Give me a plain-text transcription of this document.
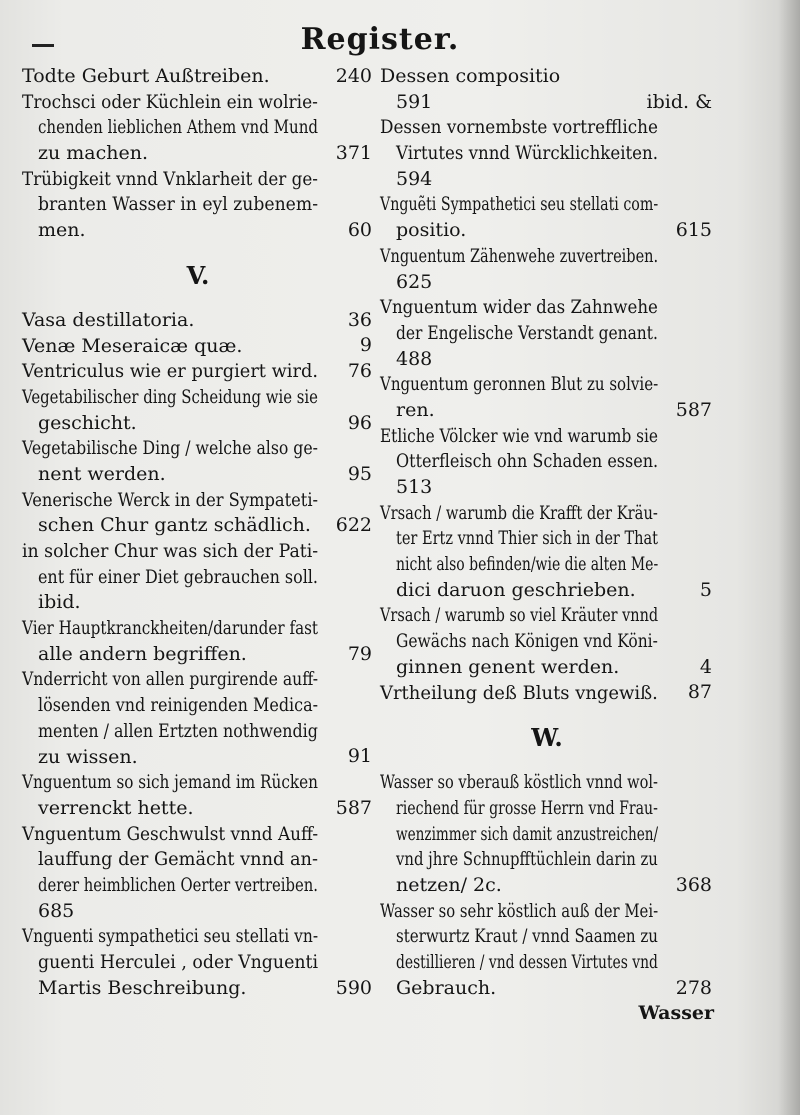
Register.
Todte Geburt Außtreiben.	240
Trochsci oder Küchlein ein wolrie-
chenden lieblichen Athem vnd Mund
zu machen.	371
Trübigkeit vnnd Vnklarheit der ge-
branten Wasser in eyl zubenem-
men.	60
V.
Vasa destillatoria.	36
Venæ Meseraicæ quæ.	9
Ventriculus wie er purgiert wird.	76
Vegetabilischer ding Scheidung wie sie
geschicht.	96
Vegetabilische Ding / welche also ge-
nent werden.	95
Venerische Werck in der Sympateti-
schen Chur gantz schädlich.	622
in solcher Chur was sich der Pati-
ent für einer Diet gebrauchen soll.
ibid.
Vier Hauptkranckheiten/darunder fast
alle andern begriffen.	79
Vnderricht von allen purgirende auff-
lösenden vnd reinigenden Medica-
menten / allen Ertzten nothwendig
zu wissen.	91
Vnguentum so sich jemand im Rücken
verrenckt hette.	587
Vnguentum Geschwulst vnnd Auff-
lauffung der Gemächt vnnd an-
derer heimblichen Oerter vertreiben.
685
Vnguenti sympathetici seu stellati vn-
guenti Herculei , oder Vnguenti
Martis Beschreibung.	590
Dessen compositio
591	ibid. &
Dessen vornembste vortreffliche
Virtutes vnnd Würcklichkeiten.
594
Vnguẽti Sympathetici seu stellati com-
positio.	615
Vnguentum Zähenwehe zuvertreiben.
625
Vnguentum wider das Zahnwehe
der Engelische Verstandt genant.
488
Vnguentum geronnen Blut zu solvie-
ren.	587
Etliche Völcker wie vnd warumb sie
Otterfleisch ohn Schaden essen.
513
Vrsach / warumb die Krafft der Kräu-
ter Ertz vnnd Thier sich in der That
nicht also befinden/wie die alten Me-
dici daruon geschrieben.	5
Vrsach / warumb so viel Kräuter vnnd
Gewächs nach Königen vnd Köni-
ginnen genent werden.	4
Vrtheilung deß Bluts vngewiß.	87
W.
Wasser so vberauß köstlich vnnd wol-
riechend für grosse Herrn vnd Frau-
wenzimmer sich damit anzustreichen/
vnd jhre Schnupfftüchlein darin zu
netzen/ 2c.	368
Wasser so sehr köstlich auß der Mei-
sterwurtz Kraut / vnnd Saamen zu
destillieren / vnd dessen Virtutes vnd
Gebrauch.	278
Wasser
